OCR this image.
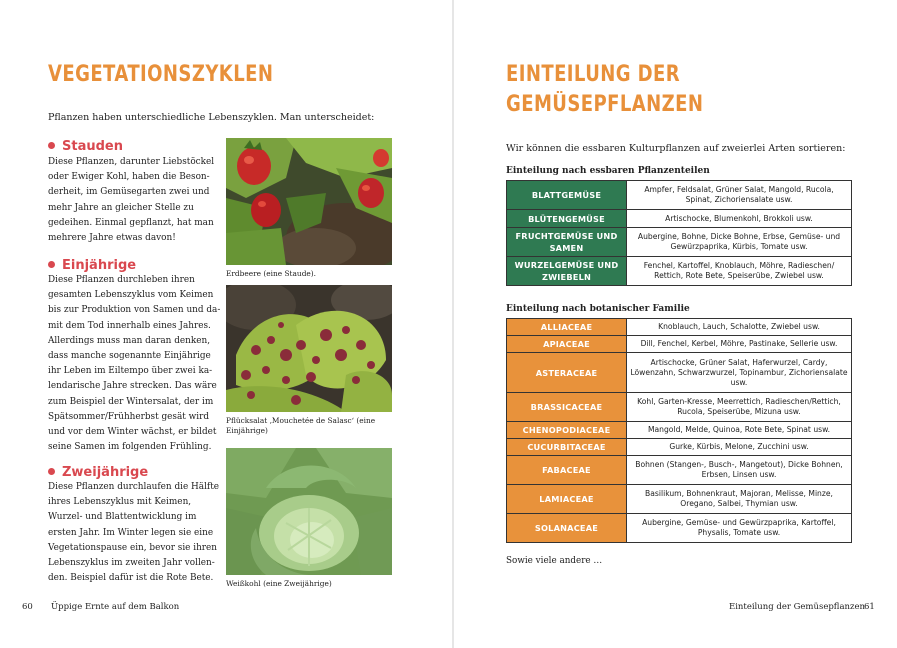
VEGETATIONSZYKLEN
Pflanzen haben unterschiedliche Lebenszyklen. Man unterscheidet:
Stauden
Diese Pflanzen, darunter Liebstöckel
oder Ewiger Kohl, haben die Beson-
derheit, im Gemüsegarten zwei und
mehr Jahre an gleicher Stelle zu
gedeihen. Einmal gepflanzt, hat man
mehrere Jahre etwas davon!
Einjährige
Diese Pflanzen durchleben ihren
gesamten Lebenszyklus vom Keimen
bis zur Produktion von Samen und da-
mit dem Tod innerhalb eines Jahres.
Allerdings muss man daran denken,
dass manche sogenannte Einjährige
ihr Leben im Eiltempo über zwei ka-
lendarische Jahre strecken. Das wäre
zum Beispiel der Wintersalat, der im
Spätsommer/Frühherbst gesät wird
und vor dem Winter wächst, er bildet
seine Samen im folgenden Frühling.
Zweijährige
Diese Pflanzen durchlaufen die Hälfte
ihres Lebenszyklus mit Keimen,
Wurzel- und Blattentwicklung im
ersten Jahr. Im Winter legen sie eine
Vegetationspause ein, bevor sie ihren
Lebenszyklus im zweiten Jahr vollen-
den. Beispiel dafür ist die Rote Bete.
Erdbeere (eine Staude).
Pflücksalat ‚Mouchetée de Salasc‘ (eine Einjährige)
Weißkohl (eine Zweijährige)
60 Üppige Ernte auf dem Balkon
EINTEILUNG DER
GEMÜSEPFLANZEN
Wir können die essbaren Kulturpflanzen auf zweierlei Arten sortieren:
Einteilung nach essbaren Pflanzenteilen
BLATTGEMÜSE	Ampfer, Feldsalat, Grüner Salat, Mangold, Rucola, Spinat, Zichoriensalate usw.
BLÜTENGEMÜSE	Artischocke, Blumenkohl, Brokkoli usw.
FRUCHTGEMÜSE UND SAMEN	Aubergine, Bohne, Dicke Bohne, Erbse, Gemüse- und Gewürzpaprika, Kürbis, Tomate usw.
WURZELGEMÜSE UND ZWIEBELN	Fenchel, Kartoffel, Knoblauch, Möhre, Radieschen/ Rettich, Rote Bete, Speiserübe, Zwiebel usw.
Einteilung nach botanischer Familie
ALLIACEAE	Knoblauch, Lauch, Schalotte, Zwiebel usw.
APIACEAE	Dill, Fenchel, Kerbel, Möhre, Pastinake, Sellerie usw.
ASTERACEAE	Artischocke, Grüner Salat, Haferwurzel, Cardy, Löwenzahn, Schwarzwurzel, Topinambur, Zichoriensalate usw.
BRASSICACEAE	Kohl, Garten-Kresse, Meerrettich, Radieschen/Rettich, Rucola, Speiserübe, Mizuna usw.
CHENOPODIACEAE	Mangold, Melde, Quinoa, Rote Bete, Spinat usw.
CUCURBITACEAE	Gurke, Kürbis, Melone, Zucchini usw.
FABACEAE	Bohnen (Stangen-, Busch-, Mangetout), Dicke Bohnen, Erbsen, Linsen usw.
LAMIACEAE	Basilikum, Bohnenkraut, Majoran, Melisse, Minze, Oregano, Salbei, Thymian usw.
SOLANACEAE	Aubergine, Gemüse- und Gewürzpaprika, Kartoffel, Physalis, Tomate usw.
Sowie viele andere …
Einteilung der Gemüsepflanzen 61
